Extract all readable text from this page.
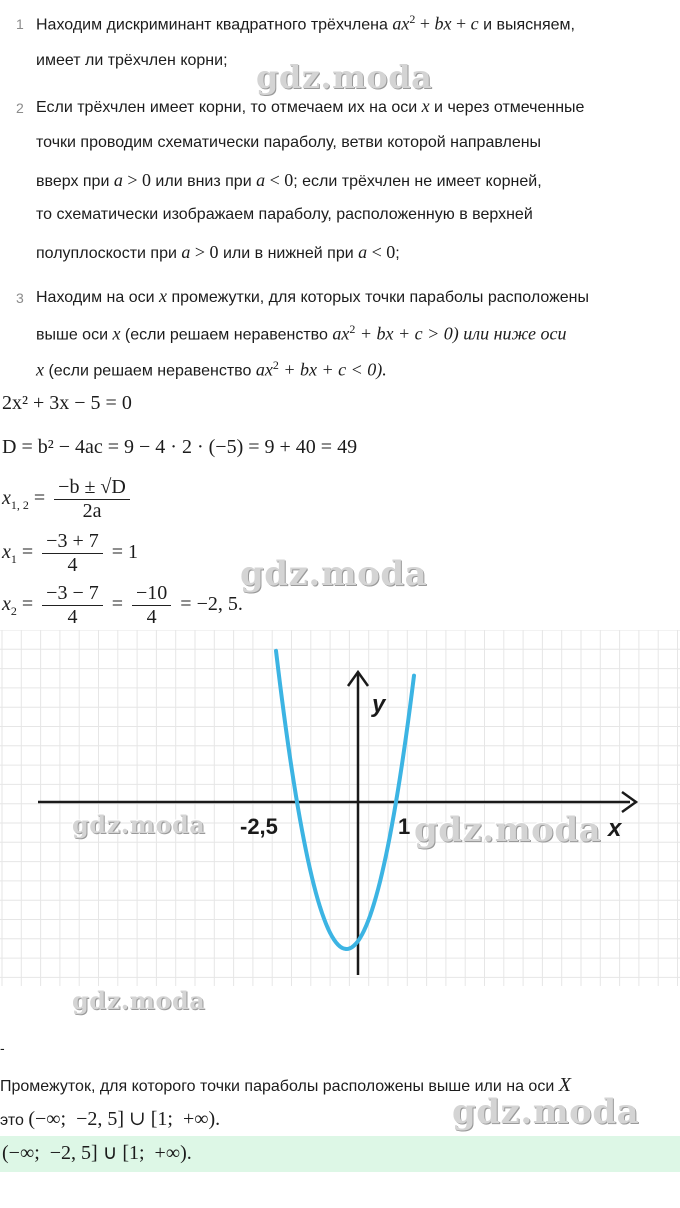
1 Находим дискриминант квадратного трёхчлена $ax^2$ + bx + c и выясняем,
имеет ли трёхчлен корни;
2 Если трёхчлен имеет корни, то отмечаем их на оси x и через отмеченные
точки проводим схематически параболу, ветви которой направлены
вверх при a > 0 или вниз при a < 0; если трёхчлен не имеет корней,
то схематически изображаем параболу, расположенную в верхней
полуплоскости при a > 0 или в нижней при a < 0;
3 Находим на оси x промежутки, для которых точки параболы расположены
выше оси x (если решаем неравенство $ax^2$ + bx + c > 0) или ниже оси
x (если решаем неравенство $ax^2$ + bx + c < 0).
2x² + 3x − 5 = 0
D = b² − 4ac = 9 − 4 · 2 · (−5) = 9 + 40 = 49
$x_{1, 2} = \frac{-b \pm √D}{2a}$
$x_1 = \frac{-3 + 7}{4} = 1$
$x_2 = \frac{-3 - 7}{4} = \frac{-10}{4} = -2$, 5.
y
x
-2,5	1
gdz.moda
gdz.moda
gdz.moda	gdz.moda
gdz.moda
gdz.moda
-
Промежуток, для которого точки параболы расположены выше или на оси X
это (−∞;  −2, 5] ∪ [1;  +∞).
(−∞;  −2, 5] ∪ [1;  +∞).
